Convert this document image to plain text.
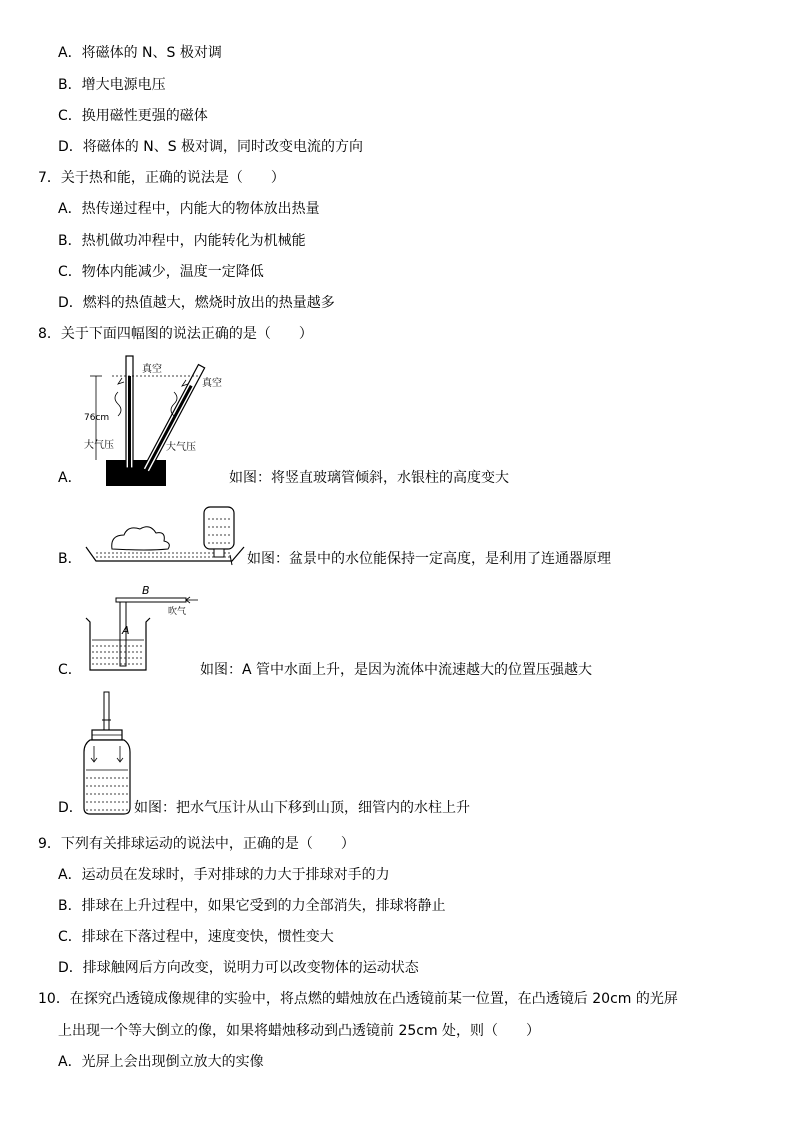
A．将磁体的 N、S 极对调
B．增大电源电压
C．换用磁性更强的磁体
D．将磁体的 N、S 极对调，同时改变电流的方向
7．关于热和能，正确的说法是（　　）
A．热传递过程中，内能大的物体放出热量
B．热机做功冲程中，内能转化为机械能
C．物体内能减少，温度一定降低
D．燃料的热值越大，燃烧时放出的热量越多
8．关于下面四幅图的说法正确的是（　　）
真空
真空
76cm
大气压	大气压
A．	如图：将竖直玻璃管倾斜，水银柱的高度变大
B．	如图：盆景中的水位能保持一定高度，是利用了连通器原理
B
吹气
A
C．	如图：A 管中水面上升，是因为流体中流速越大的位置压强越大
D．	如图：把水气压计从山下移到山顶，细管内的水柱上升
9．下列有关排球运动的说法中，正确的是（　　）
A．运动员在发球时，手对排球的力大于排球对手的力
B．排球在上升过程中，如果它受到的力全部消失，排球将静止
C．排球在下落过程中，速度变快，惯性变大
D．排球触网后方向改变，说明力可以改变物体的运动状态
10．在探究凸透镜成像规律的实验中，将点燃的蜡烛放在凸透镜前某一位置，在凸透镜后 20cm 的光屏
上出现一个等大倒立的像，如果将蜡烛移动到凸透镜前 25cm 处，则（　　）
A．光屏上会出现倒立放大的实像
